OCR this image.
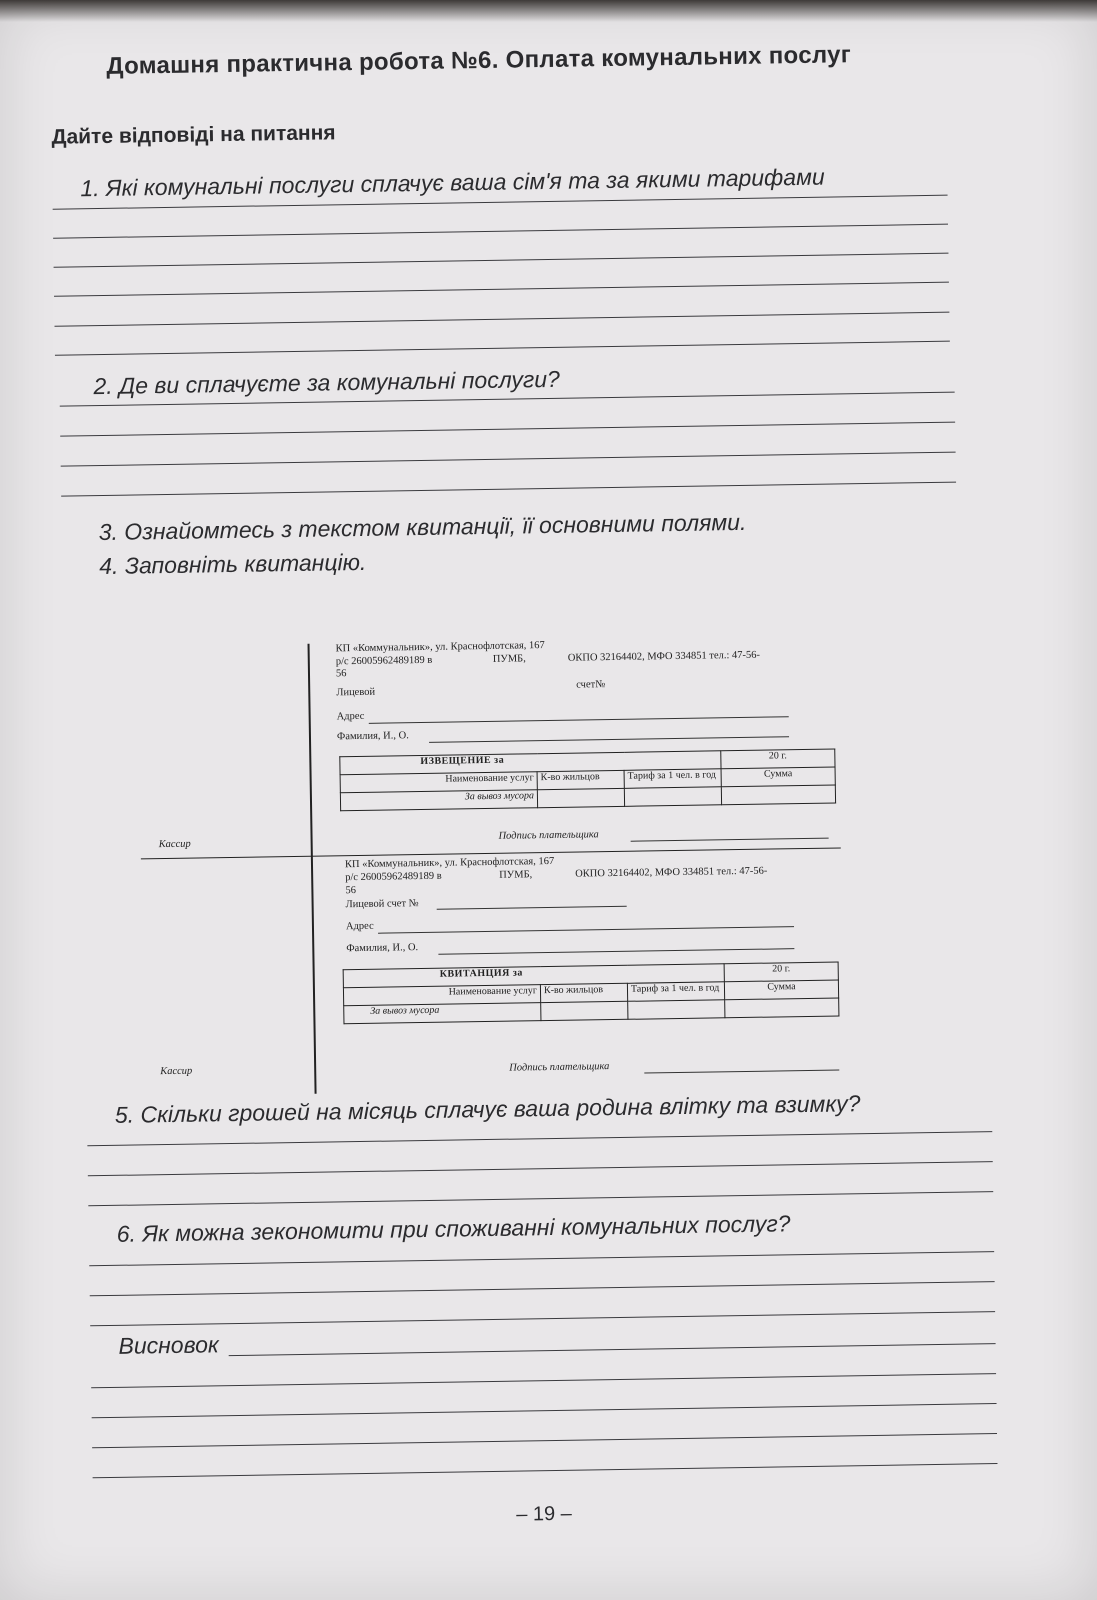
Домашня практична робота №6. Оплата комунальних послуг
Дайте відповіді на питання
1. Які комунальні послуги сплачує ваша сім'я та за якими тарифами
2. Де ви сплачуєте за комунальні послуги?
3. Ознайомтесь з текстом квитанції, її основними полями.
4. Заповніть квитанцію.
КП «Коммунальник», ул. Краснофлотская, 167
р/с 26005962489189 в	ПУМБ,	ОКПО 32164402, МФО 334851 тел.: 47-56-
56
Лицевой
счет№
Адрес
Фамилия, И., О.
ИЗВЕЩЕНИЕ за			20 г.
Наименование услуг	К-во жильцов	Тариф за 1 чел. в год	Сумма
За вывоз мусора			
Кассир
Подпись плательщика
КП «Коммунальник», ул. Краснофлотская, 167
р/с 26005962489189 в	ПУМБ,	ОКПО 32164402, МФО 334851 тел.: 47-56-
56
Лицевой счет №
Адрес
Фамилия, И., О.
КВИТАНЦИЯ за			20 г.
Наименование услуг	К-во жильцов	Тариф за 1 чел. в год	Сумма
За вывоз мусора			
Кассир	Подпись плательщика
5. Скільки грошей на місяць сплачує ваша родина влітку та взимку?
6. Як можна зекономити при споживанні комунальних послуг?
Висновок
– 19 –
